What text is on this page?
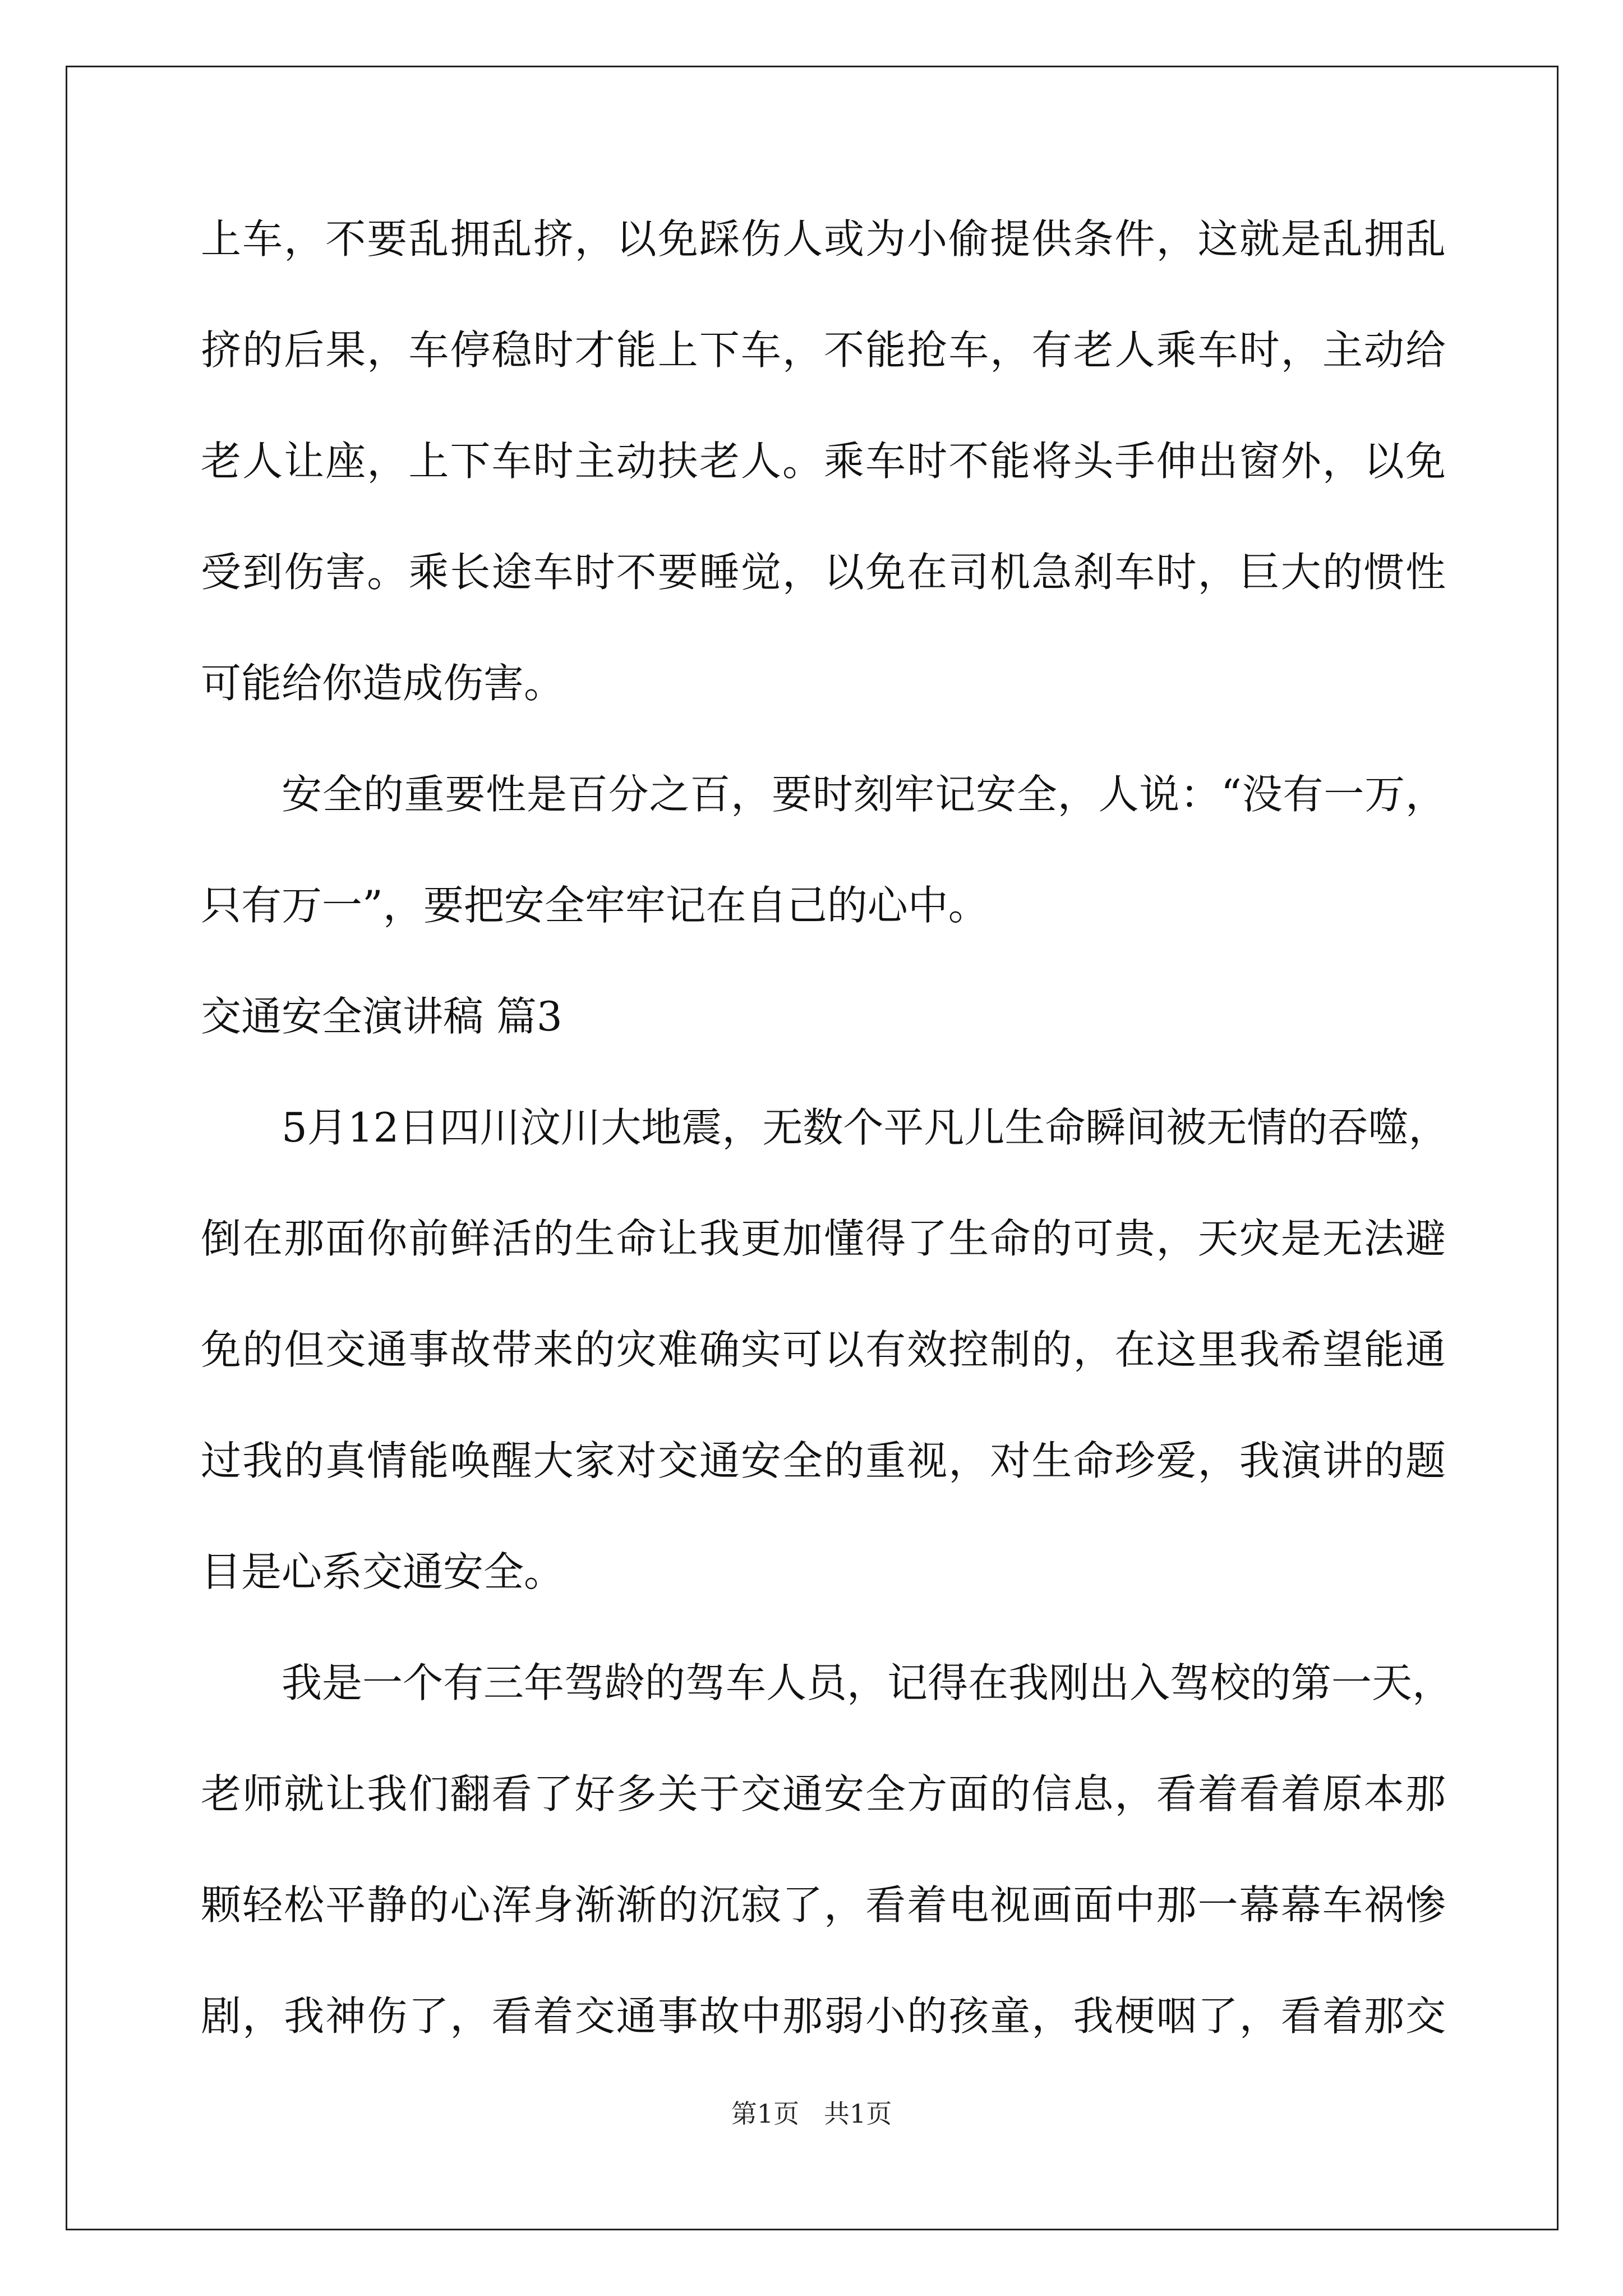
上车，不要乱拥乱挤，以免踩伤人或为小偷提供条件，这就是乱拥乱

挤的后果，车停稳时才能上下车，不能抢车，有老人乘车时，主动给

老人让座，上下车时主动扶老人。乘车时不能将头手伸出窗外，以免

受到伤害。乘长途车时不要睡觉，以免在司机急刹车时，巨大的惯性

可能给你造成伤害。

安全的重要性是百分之百，要时刻牢记安全，人说：“没有一万，

只有万一”，要把安全牢牢记在自己的心中。

交通安全演讲稿 篇3

5月12日四川汶川大地震，无数个平凡儿生命瞬间被无情的吞噬，

倒在那面你前鲜活的生命让我更加懂得了生命的可贵，天灾是无法避

免的但交通事故带来的灾难确实可以有效控制的，在这里我希望能通

过我的真情能唤醒大家对交通安全的重视，对生命珍爱，我演讲的题

目是心系交通安全。

我是一个有三年驾龄的驾车人员，记得在我刚出入驾校的第一天，

老师就让我们翻看了好多关于交通安全方面的信息，看着看着原本那

颗轻松平静的心浑身渐渐的沉寂了，看着电视画面中那一幕幕车祸惨

剧，我神伤了，看着交通事故中那弱小的孩童，我梗咽了，看着那交

第1页   共1页
